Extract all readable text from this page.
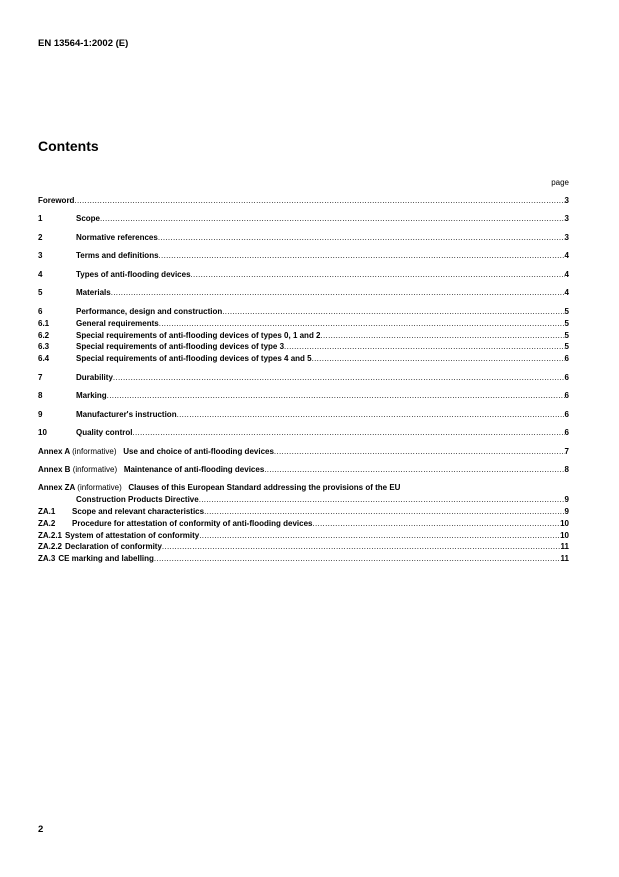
EN 13564-1:2002 (E)
Contents
page
Foreword .....	3
1	Scope .....	3
2	Normative references .....	3
3	Terms and definitions .....	4
4	Types of anti-flooding devices .....	4
5	Materials .....	4
6	Performance, design and construction .....	5
6.1	General requirements .....	5
6.2	Special requirements of anti-flooding devices of types 0, 1 and 2 .....	5
6.3	Special requirements of anti-flooding devices of type 3 .....	5
6.4	Special requirements of anti-flooding devices of types 4 and 5 .....	6
7	Durability .....	6
8	Marking .....	6
9	Manufacturer's instruction .....	6
10	Quality control .....	6
Annex A (informative) Use and choice of anti-flooding devices .....	7
Annex B (informative) Maintenance of anti-flooding devices .....	8
Annex ZA (informative) Clauses of this European Standard addressing the provisions of the EU
Construction Products Directive .....	9
ZA.1	Scope and relevant characteristics .....	9
ZA.2	Procedure for attestation of conformity of anti-flooding devices .....	10
ZA.2.1 System of attestation of conformity .....	10
ZA.2.2 Declaration of conformity .....	11
ZA.3 CE marking and labelling .....	11
2
